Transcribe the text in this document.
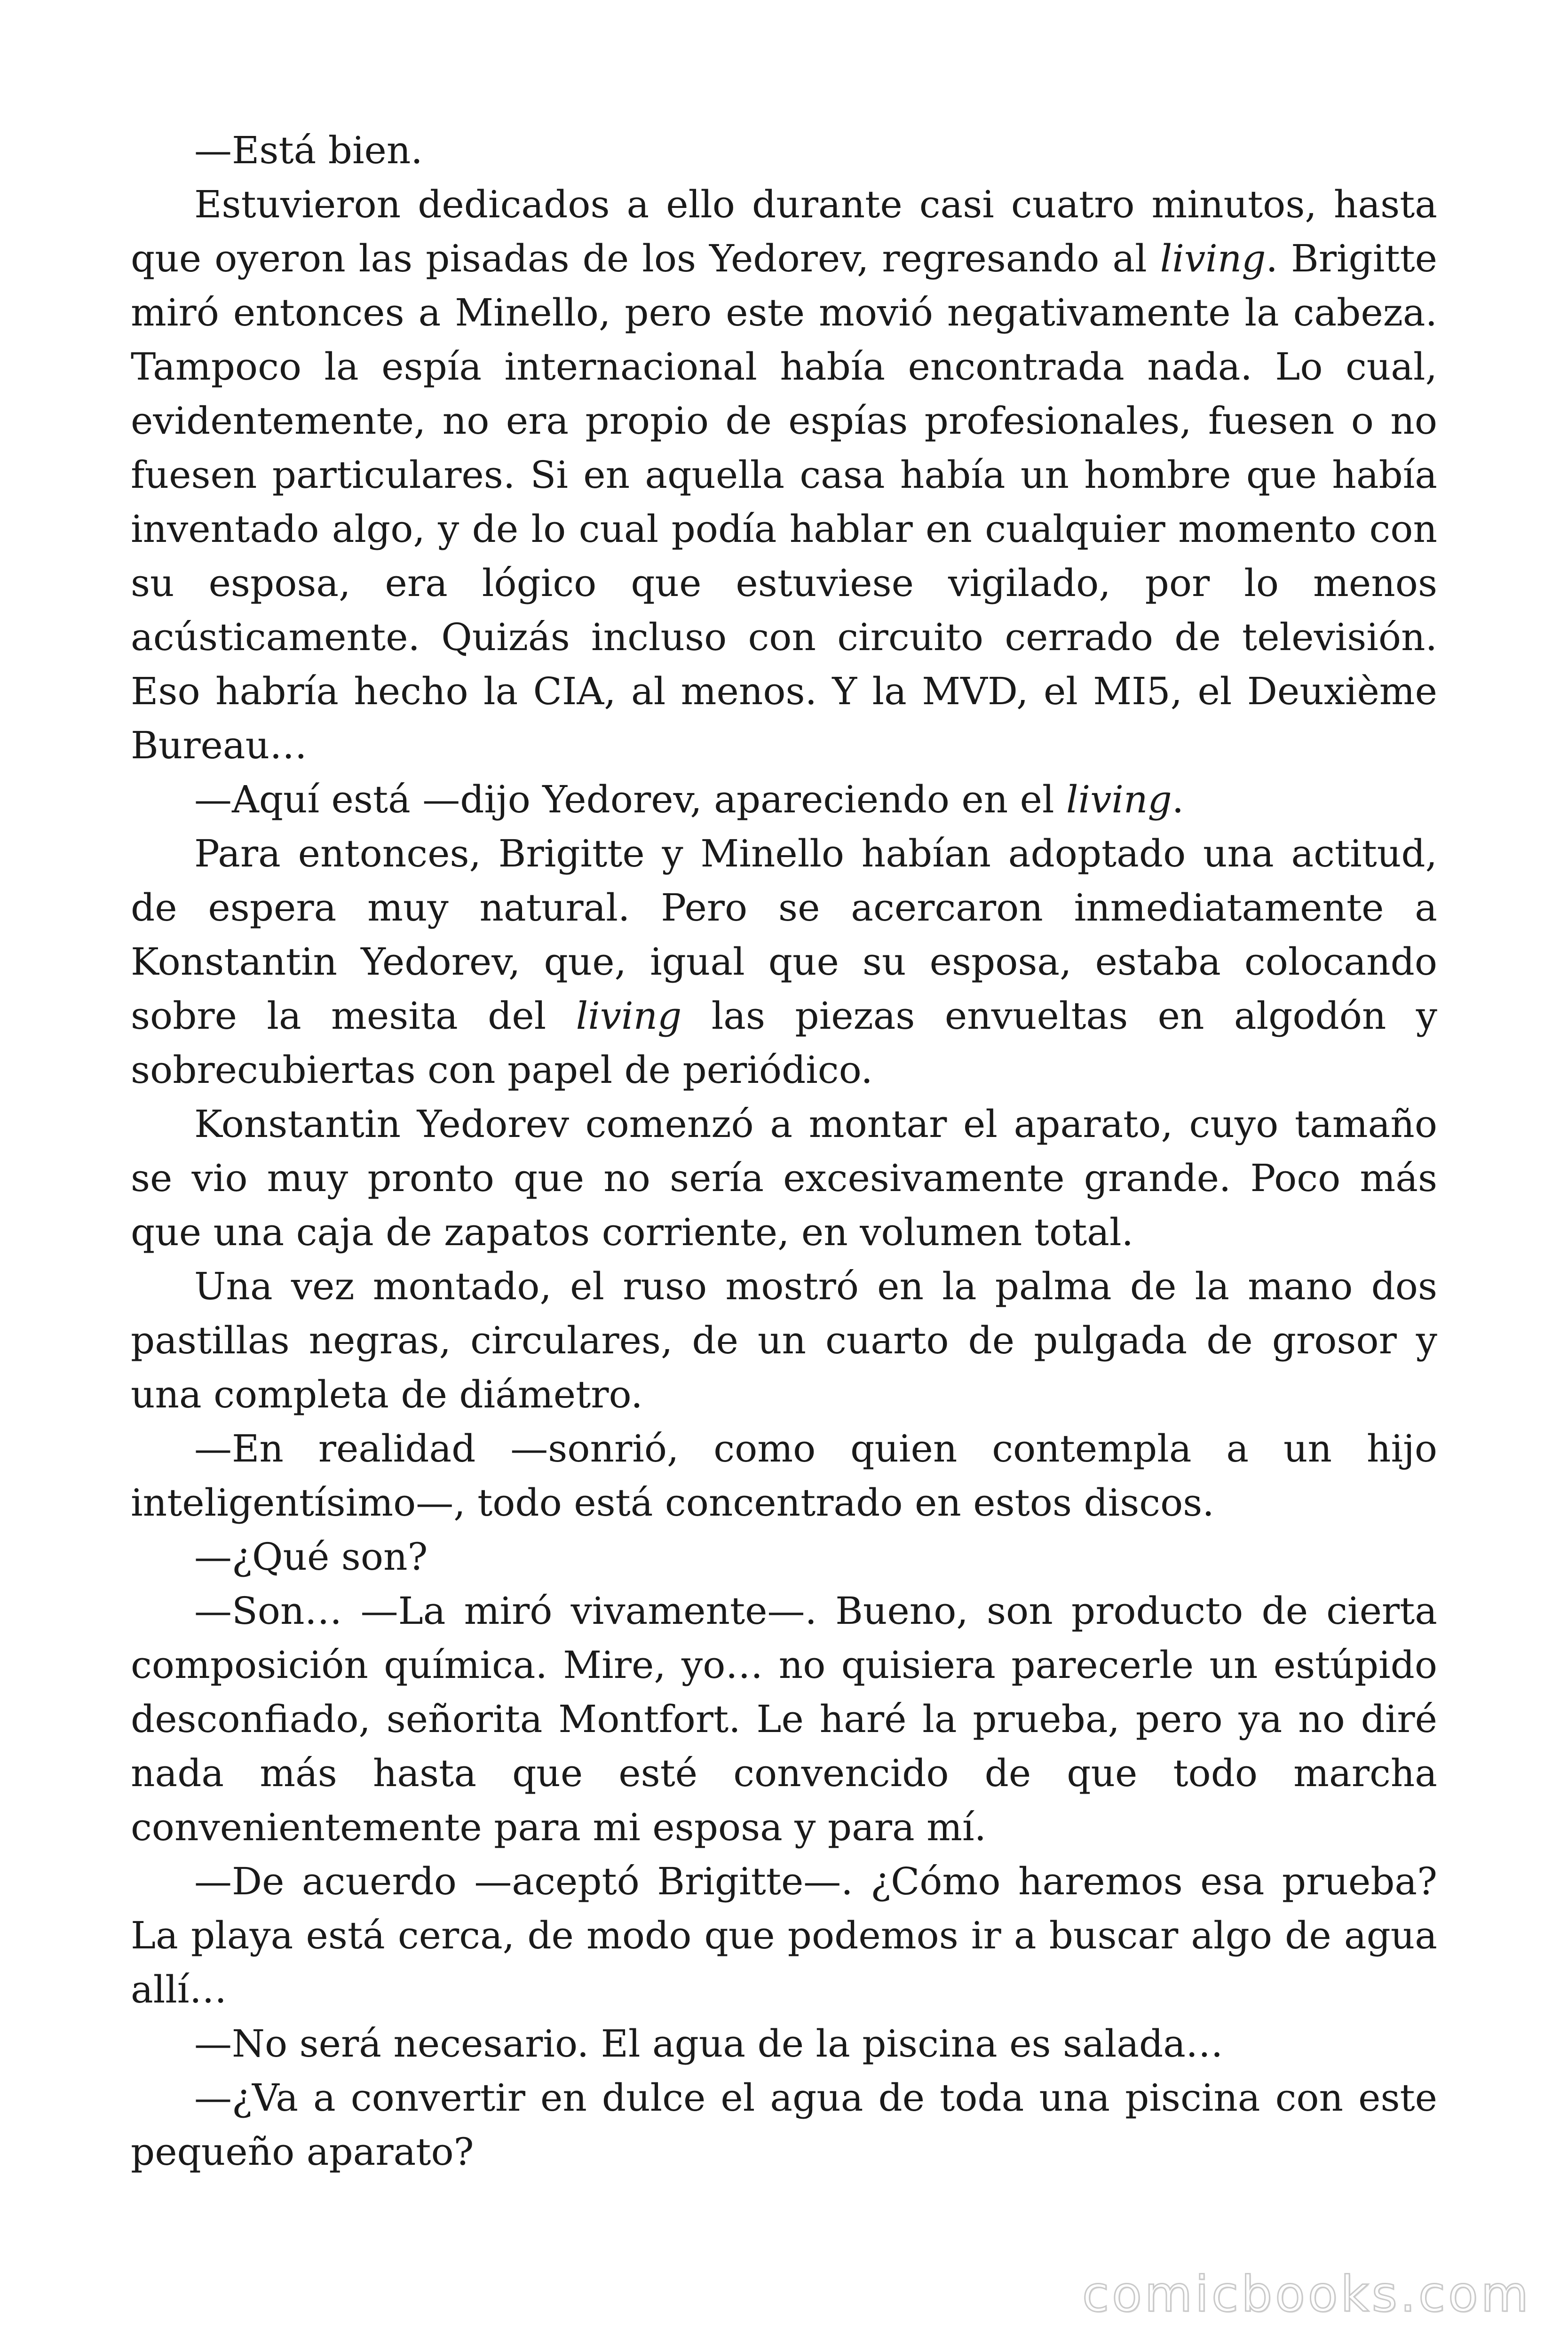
—Está bien.

Estuvieron dedicados a ello durante casi cuatro minutos, hasta que oyeron las pisadas de los Yedorev, regresando al living. Brigitte miró entonces a Minello, pero este movió negativamente la cabeza. Tampoco la espía internacional había encontrada nada. Lo cual, evidentemente, no era propio de espías profesionales, fuesen o no fuesen particulares. Si en aquella casa había un hombre que había inventado algo, y de lo cual podía hablar en cualquier momento con su esposa, era lógico que estuviese vigilado, por lo menos acústicamente. Quizás incluso con circuito cerrado de televisión. Eso habría hecho la CIA, al menos. Y la MVD, el MI5, el Deuxième Bureau…

—Aquí está —dijo Yedorev, apareciendo en el living.

Para entonces, Brigitte y Minello habían adoptado una actitud, de espera muy natural. Pero se acercaron inmediatamente a Konstantin Yedorev, que, igual que su esposa, estaba colocando sobre la mesita del living las piezas envueltas en algodón y sobrecubiertas con papel de periódico.

Konstantin Yedorev comenzó a montar el aparato, cuyo tamaño se vio muy pronto que no sería excesivamente grande. Poco más que una caja de zapatos corriente, en volumen total.

Una vez montado, el ruso mostró en la palma de la mano dos pastillas negras, circulares, de un cuarto de pulgada de grosor y una completa de diámetro.

—En realidad —sonrió, como quien contempla a un hijo inteligentísimo—, todo está concentrado en estos discos.

—¿Qué son?

—Son… —La miró vivamente—. Bueno, son producto de cierta composición química. Mire, yo… no quisiera parecerle un estúpido desconfiado, señorita Montfort. Le haré la prueba, pero ya no diré nada más hasta que esté convencido de que todo marcha convenientemente para mi esposa y para mí.

—De acuerdo —aceptó Brigitte—. ¿Cómo haremos esa prueba? La playa está cerca, de modo que podemos ir a buscar algo de agua allí…

—No será necesario. El agua de la piscina es salada…

—¿Va a convertir en dulce el agua de toda una piscina con este pequeño aparato?

comicbooks.com
